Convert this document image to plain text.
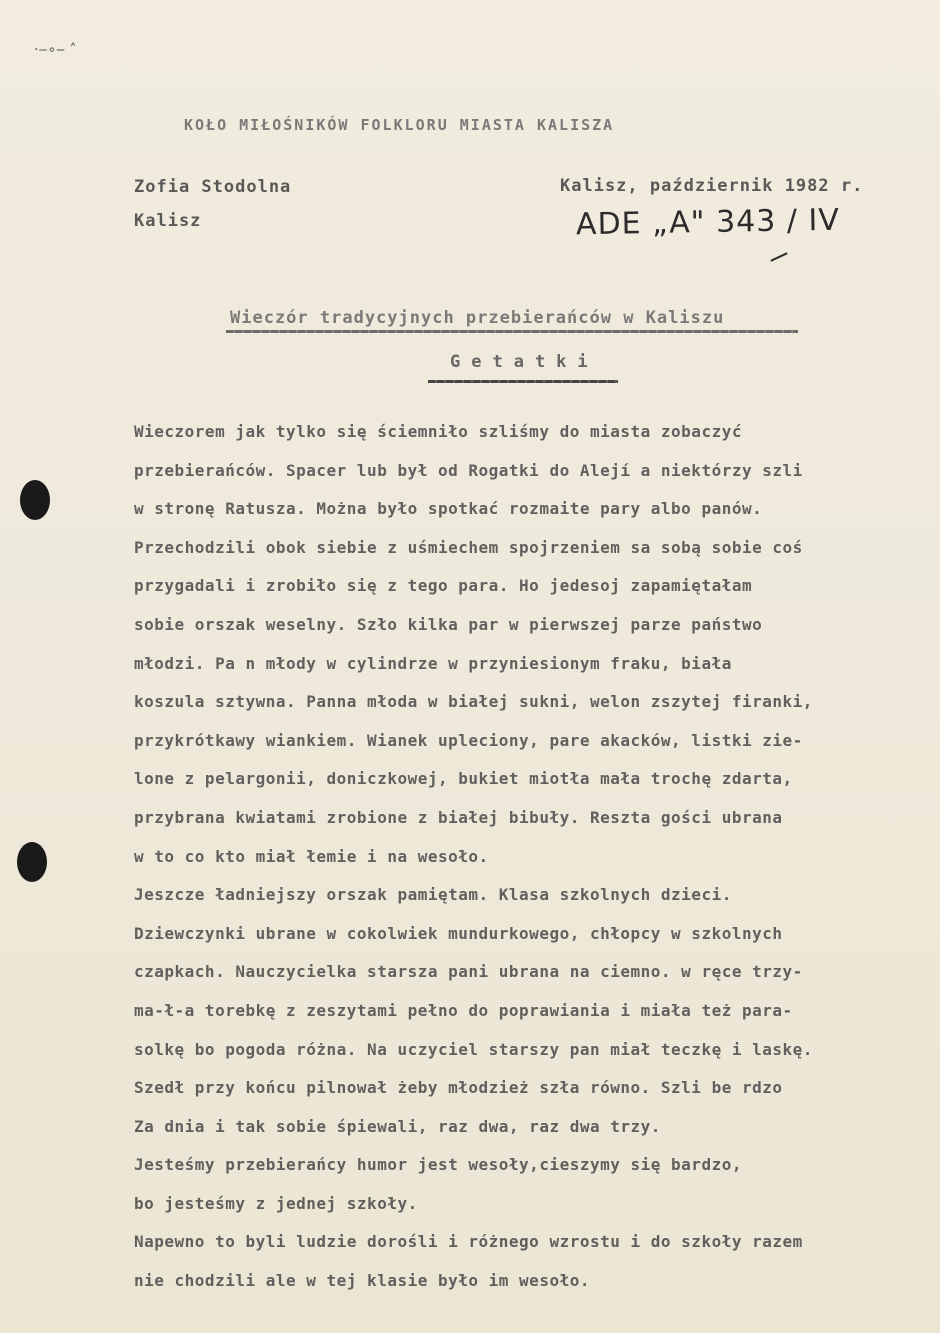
·‒∘‒ ˄
KOŁO MIŁOŚNIKÓW FOLKLORU MIASTA KALISZA
Zofia Stodolna
Kalisz
Kalisz, październik 1982 r.
ADE „A" 343 / IV
Wieczór tradycyjnych przebierańców w Kaliszu
Getatki
Wieczorem jak tylko się ściemniło szliśmy do miasta zobaczyć
przebierańców. Spacer lub był od Rogatki do Alejí a niektórzy szli
w stronę Ratusza. Można było spotkać rozmaite pary albo panów.
Przechodzili obok siebie z uśmiechem spojrzeniem sa sobą sobie coś
przygadali i zrobiło się z tego para. Ho jedesoj zapamiętałam
sobie orszak weselny. Szło kilka par w pierwszej parze państwo
młodzi. Pa n młody w cylindrze w przyniesionym fraku, biała
koszula sztywna. Panna młoda w białej sukni, welon zszytej firanki,
przykrótkawy wiankiem. Wianek upleciony, pare akacków, listki zie-
lone z pelargonii, doniczkowej, bukiet miotła mała trochę zdarta,
przybrana kwiatami zrobione z białej bibuły. Reszta gości ubrana
w to co kto miał łemie i na wesoło.
Jeszcze ładniejszy orszak pamiętam. Klasa szkolnych dzieci.
Dziewczynki ubrane w cokolwiek mundurkowego, chłopcy w szkolnych
czapkach. Nauczycielka starsza pani ubrana na ciemno. w ręce trzy-
ma-ł-a torebkę z zeszytami pełno do poprawiania i miała też para-
solkę bo pogoda różna. Na uczyciel starszy pan miał teczkę i laskę.
Szedł przy końcu pilnował żeby młodzież szła równo. Szli be rdzo
Za dnia i tak sobie śpiewali, raz dwa, raz dwa trzy.
Jesteśmy przebierańcy humor jest wesoły,cieszymy się bardzo,
bo jesteśmy z jednej szkoły.
Napewno to byli ludzie dorośli i różnego wzrostu i do szkoły razem
nie chodzili ale w tej klasie było im wesoło.
